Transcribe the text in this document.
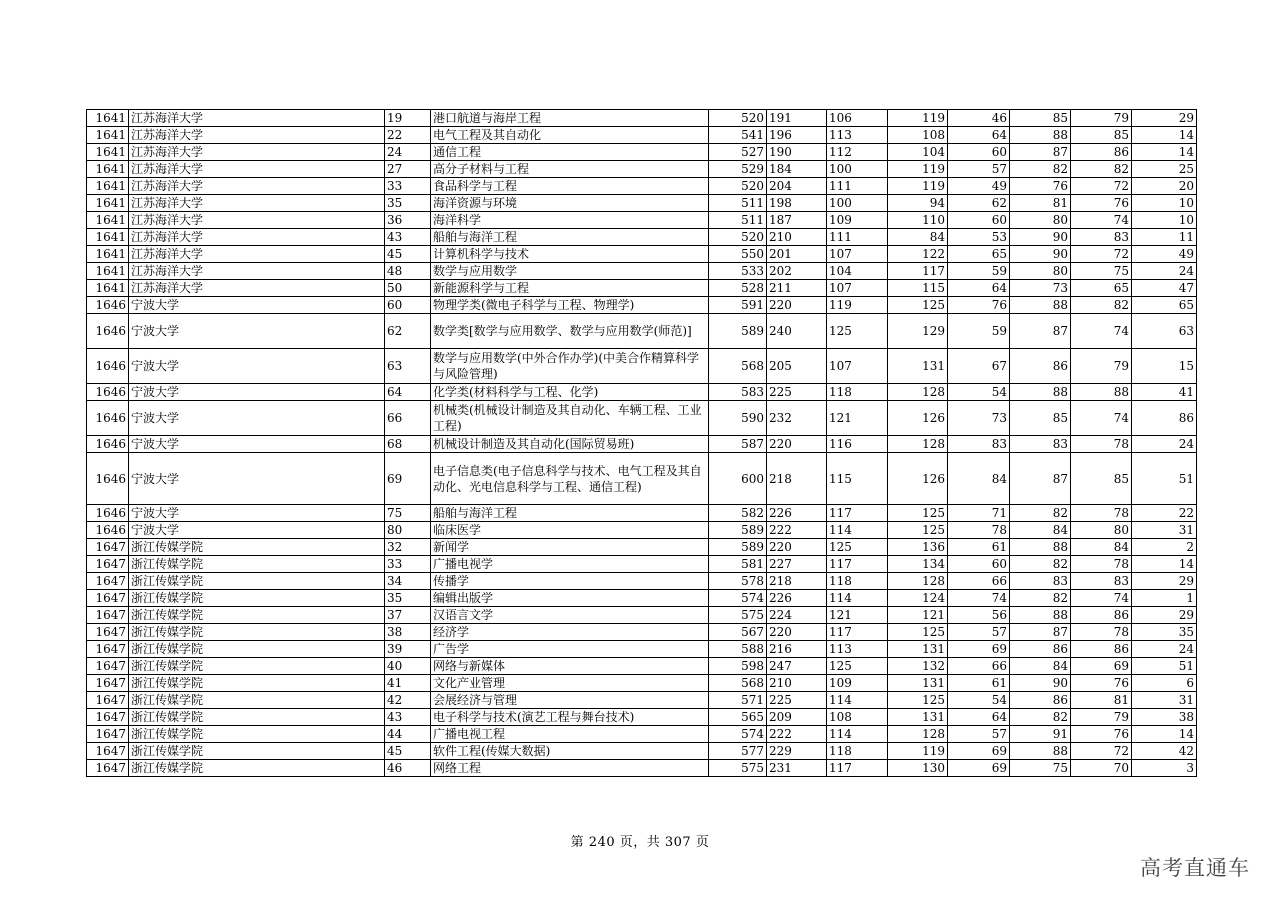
1641	江苏海洋大学	19	港口航道与海岸工程	520	191	106	119	46	85	79	29
1641	江苏海洋大学	22	电气工程及其自动化	541	196	113	108	64	88	85	14
1641	江苏海洋大学	24	通信工程	527	190	112	104	60	87	86	14
1641	江苏海洋大学	27	高分子材料与工程	529	184	100	119	57	82	82	25
1641	江苏海洋大学	33	食品科学与工程	520	204	111	119	49	76	72	20
1641	江苏海洋大学	35	海洋资源与环境	511	198	100	94	62	81	76	10
1641	江苏海洋大学	36	海洋科学	511	187	109	110	60	80	74	10
1641	江苏海洋大学	43	船舶与海洋工程	520	210	111	84	53	90	83	11
1641	江苏海洋大学	45	计算机科学与技术	550	201	107	122	65	90	72	49
1641	江苏海洋大学	48	数学与应用数学	533	202	104	117	59	80	75	24
1641	江苏海洋大学	50	新能源科学与工程	528	211	107	115	64	73	65	47
1646	宁波大学	60	物理学类(微电子科学与工程、物理学)	591	220	119	125	76	88	82	65
1646	宁波大学	62	数学类[数学与应用数学、数学与应用数学(师范)]	589	240	125	129	59	87	74	63
1646	宁波大学	63	数学与应用数学(中外合作办学)(中美合作精算科学与风险管理)	568	205	107	131	67	86	79	15
1646	宁波大学	64	化学类(材料科学与工程、化学)	583	225	118	128	54	88	88	41
1646	宁波大学	66	机械类(机械设计制造及其自动化、车辆工程、工业工程)	590	232	121	126	73	85	74	86
1646	宁波大学	68	机械设计制造及其自动化(国际贸易班)	587	220	116	128	83	83	78	24
1646	宁波大学	69	电子信息类(电子信息科学与技术、电气工程及其自动化、光电信息科学与工程、通信工程)	600	218	115	126	84	87	85	51
1646	宁波大学	75	船舶与海洋工程	582	226	117	125	71	82	78	22
1646	宁波大学	80	临床医学	589	222	114	125	78	84	80	31
1647	浙江传媒学院	32	新闻学	589	220	125	136	61	88	84	2
1647	浙江传媒学院	33	广播电视学	581	227	117	134	60	82	78	14
1647	浙江传媒学院	34	传播学	578	218	118	128	66	83	83	29
1647	浙江传媒学院	35	编辑出版学	574	226	114	124	74	82	74	1
1647	浙江传媒学院	37	汉语言文学	575	224	121	121	56	88	86	29
1647	浙江传媒学院	38	经济学	567	220	117	125	57	87	78	35
1647	浙江传媒学院	39	广告学	588	216	113	131	69	86	86	24
1647	浙江传媒学院	40	网络与新媒体	598	247	125	132	66	84	69	51
1647	浙江传媒学院	41	文化产业管理	568	210	109	131	61	90	76	6
1647	浙江传媒学院	42	会展经济与管理	571	225	114	125	54	86	81	31
1647	浙江传媒学院	43	电子科学与技术(演艺工程与舞台技术)	565	209	108	131	64	82	79	38
1647	浙江传媒学院	44	广播电视工程	574	222	114	128	57	91	76	14
1647	浙江传媒学院	45	软件工程(传媒大数据)	577	229	118	119	69	88	72	42
1647	浙江传媒学院	46	网络工程	575	231	117	130	69	75	70	3
第 240 页，共 307 页
高考直通车
